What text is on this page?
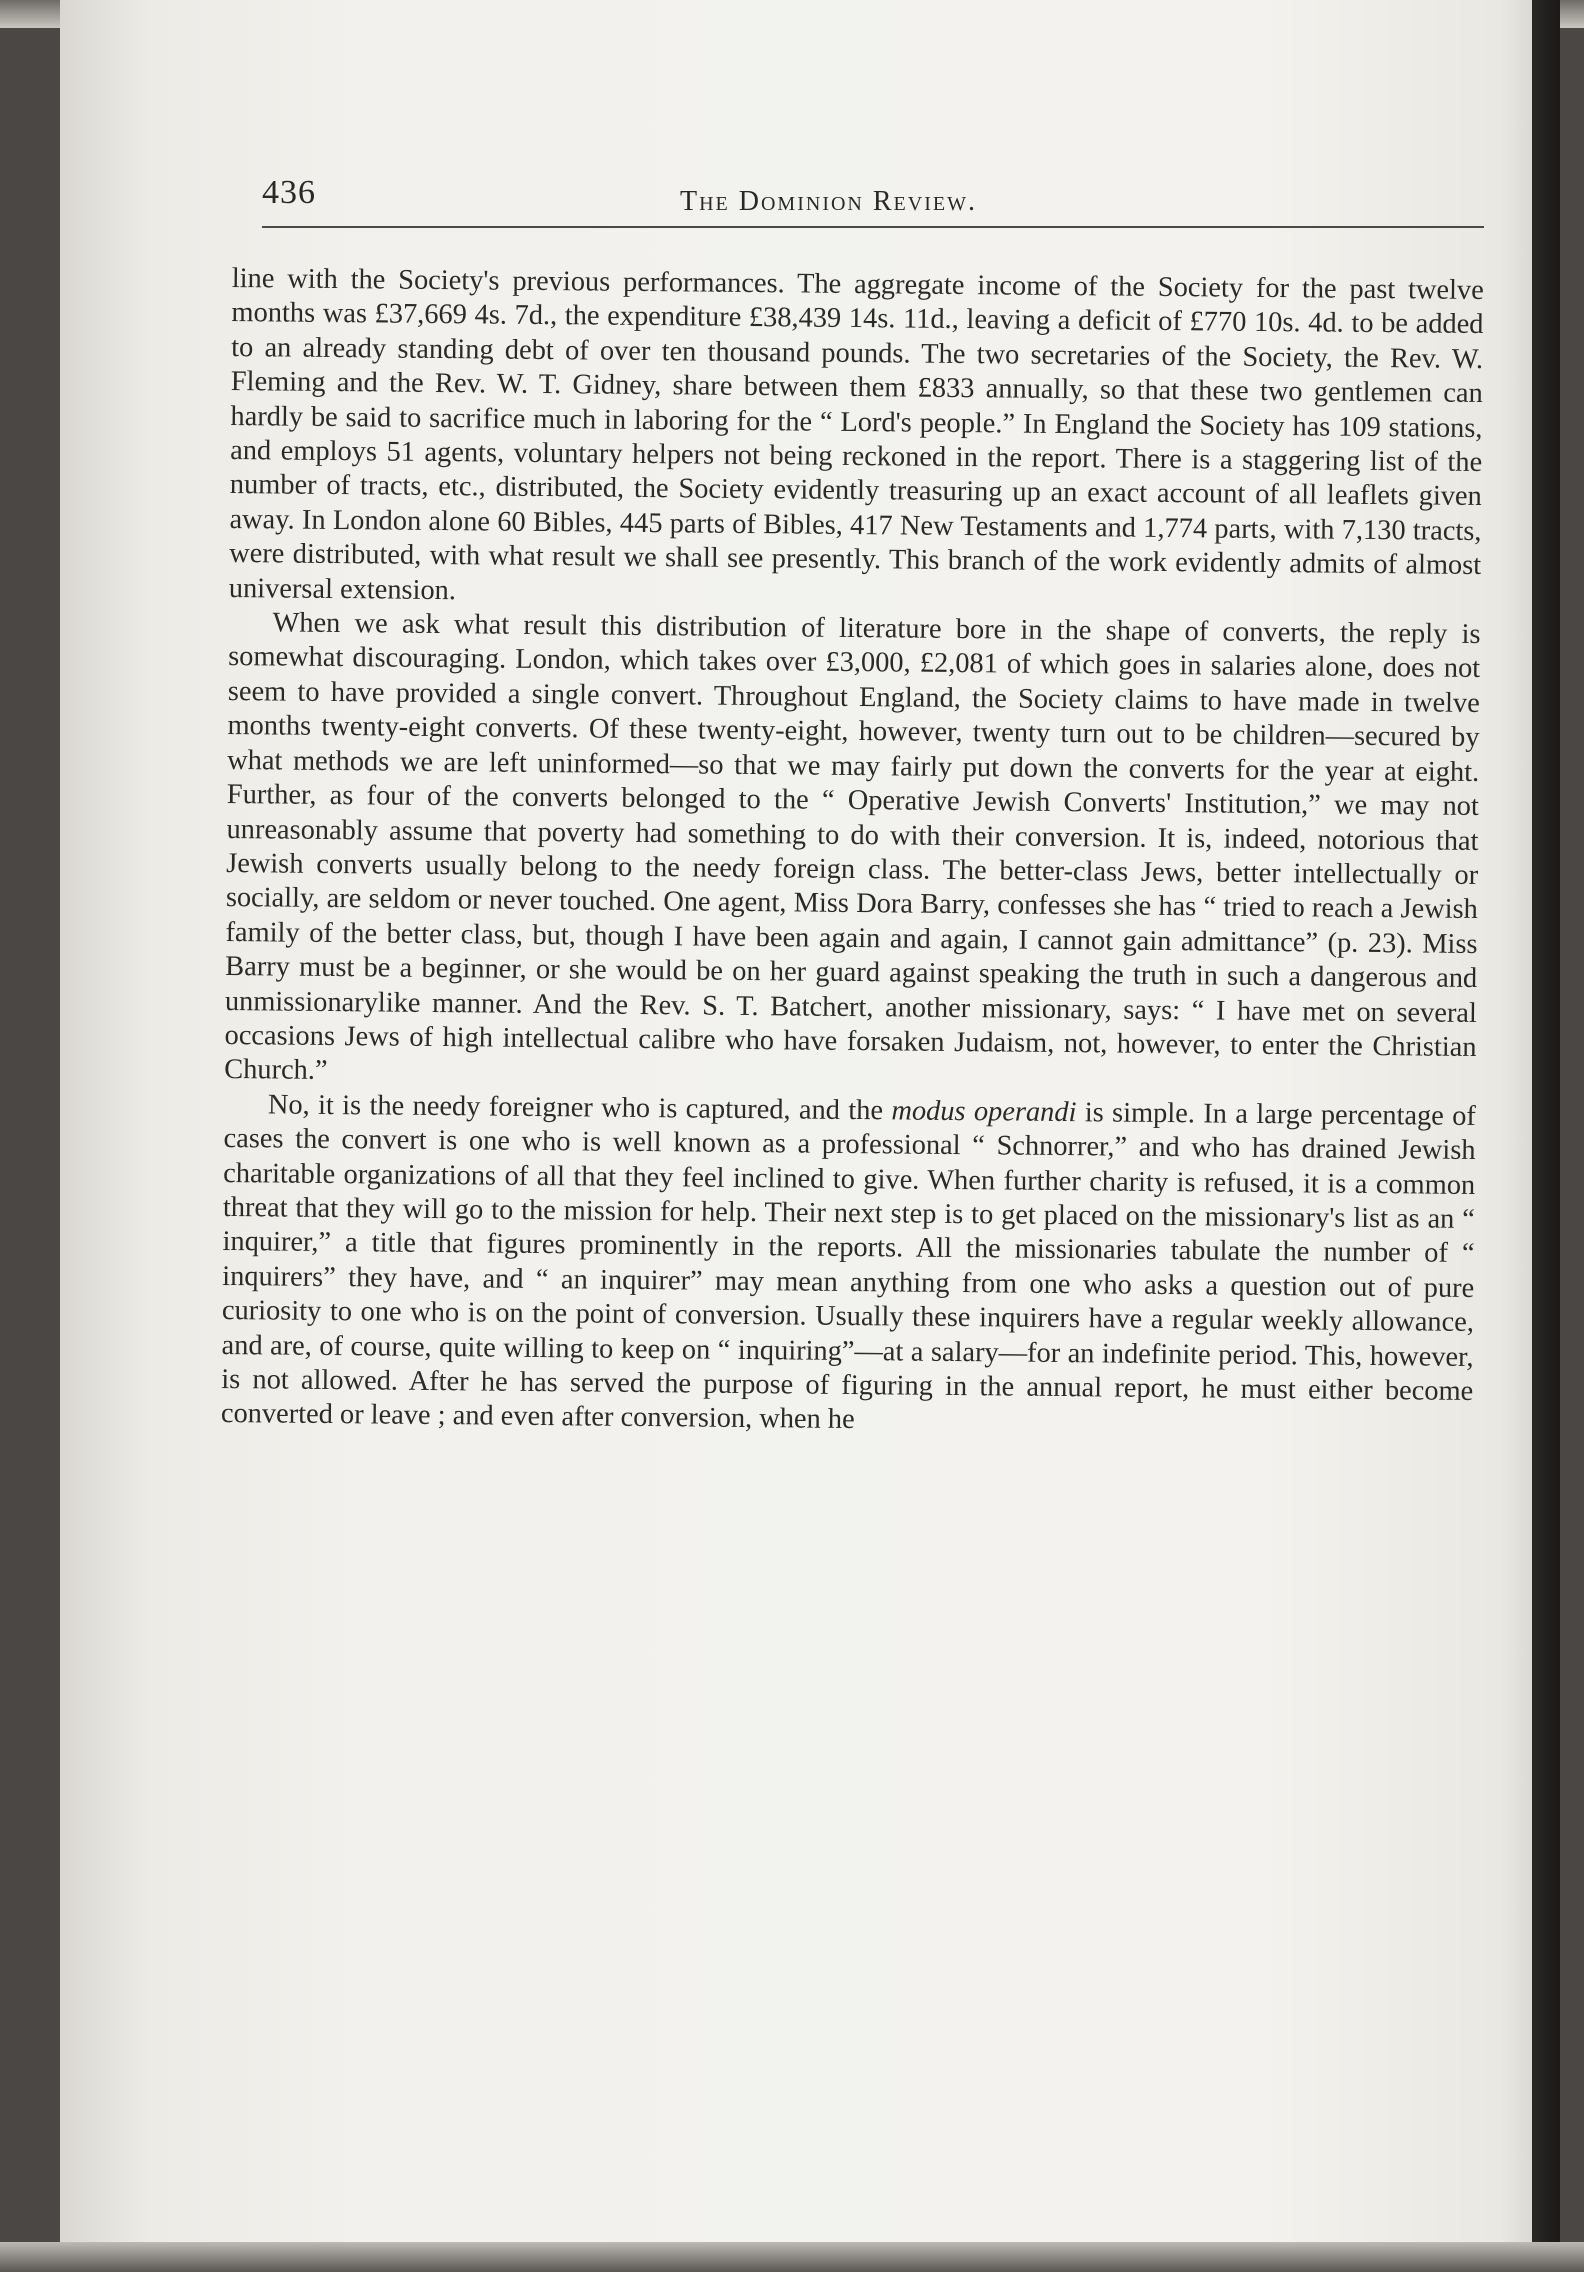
436	The Dominion Review.

line with the Society's previous performances. The aggregate income of the Society for the past twelve months was £37,669 4s. 7d., the expenditure £38,439 14s. 11d., leaving a deficit of £770 10s. 4d. to be added to an already standing debt of over ten thousand pounds. The two secretaries of the Society, the Rev. W. Fleming and the Rev. W. T. Gidney, share between them £833 annually, so that these two gentlemen can hardly be said to sacrifice much in laboring for the “ Lord's people.” In England the Society has 109 stations, and employs 51 agents, voluntary helpers not being reckoned in the report. There is a staggering list of the number of tracts, etc., distributed, the Society evidently treasuring up an exact account of all leaflets given away. In London alone 60 Bibles, 445 parts of Bibles, 417 New Testaments and 1,774 parts, with 7,130 tracts, were distributed, with what result we shall see presently. This branch of the work evidently admits of almost universal extension.

When we ask what result this distribution of literature bore in the shape of converts, the reply is somewhat discouraging. London, which takes over £3,000, £2,081 of which goes in salaries alone, does not seem to have provided a single convert. Throughout England, the Society claims to have made in twelve months twenty-eight converts. Of these twenty-eight, however, twenty turn out to be children—secured by what methods we are left uninformed—so that we may fairly put down the converts for the year at eight. Further, as four of the converts belonged to the “ Operative Jewish Converts' Institution,” we may not unreasonably assume that poverty had something to do with their conversion. It is, indeed, notorious that Jewish converts usually belong to the needy foreign class. The better-class Jews, better intellectually or socially, are seldom or never touched. One agent, Miss Dora Barry, confesses she has “ tried to reach a Jewish family of the better class, but, though I have been again and again, I cannot gain admittance” (p. 23). Miss Barry must be a beginner, or she would be on her guard against speaking the truth in such a dangerous and unmissionarylike manner. And the Rev. S. T. Batchert, another missionary, says: “ I have met on several occasions Jews of high intellectual calibre who have forsaken Judaism, not, however, to enter the Christian Church.”

No, it is the needy foreigner who is captured, and the modus operandi is simple. In a large percentage of cases the convert is one who is well known as a professional “ Schnorrer,” and who has drained Jewish charitable organizations of all that they feel inclined to give. When further charity is refused, it is a common threat that they will go to the mission for help. Their next step is to get placed on the missionary's list as an “ inquirer,” a title that figures prominently in the reports. All the missionaries tabulate the number of “ inquirers” they have, and “ an inquirer” may mean anything from one who asks a question out of pure curiosity to one who is on the point of conversion. Usually these inquirers have a regular weekly allowance, and are, of course, quite willing to keep on “ inquiring”—at a salary—for an indefinite period. This, however, is not allowed. After he has served the purpose of figuring in the annual report, he must either become converted or leave ; and even after conversion, when he
